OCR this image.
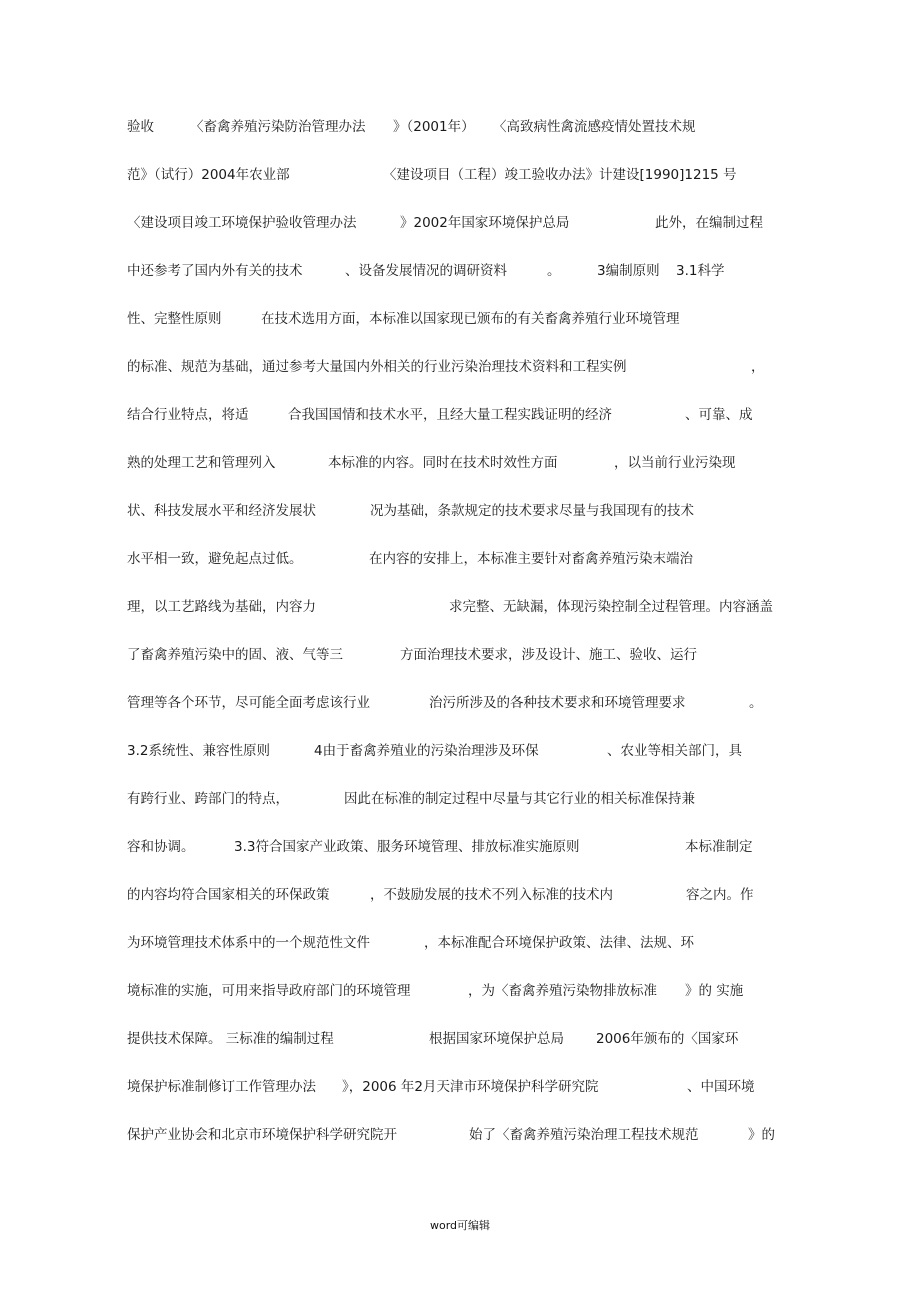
验收	〈畜禽养殖污染防治管理办法 》（2001年） 〈高致病性禽流感疫情处置技术规
范》（试行）2004年农业部	〈建设项目（工程）竣工验收办法》计建设[1990]1215 号
〈建设项目竣工环境保护验收管理办法	》2002年国家环境保护总局	此外，在编制过程
中还参考了国内外有关的技术	、设备发展情况的调研资料	。	3编制原则 3.1科学
性、完整性原则	在技术选用方面，本标准以国家现已颁布的有关畜禽养殖行业环境管理
的标准、规范为基础，通过参考大量国内外相关的行业污染治理技术资料和工程实例	，
结合行业特点，将适	合我国国情和技术水平，且经大量工程实践证明的经济	、可靠、成
熟的处理工艺和管理列入	本标准的内容。同时在技术时效性方面	，以当前行业污染现
状、科技发展水平和经济发展状	况为基础，条款规定的技术要求尽量与我国现有的技术
水平相一致，避免起点过低。	在内容的安排上，本标准主要针对畜禽养殖污染末端治
理，以工艺路线为基础，内容力	求完整、无缺漏，体现污染控制全过程管理。内容涵盖
了畜禽养殖污染中的固、液、气等三	方面治理技术要求，涉及设计、施工、验收、运行
管理等各个环节，尽可能全面考虑该行业	治污所涉及的各种技术要求和环境管理要求	。
3.2系统性、兼容性原则	4由于畜禽养殖业的污染治理涉及环保	、农业等相关部门，具
有跨行业、跨部门的特点，	因此在标准的制定过程中尽量与其它行业的相关标准保持兼
容和协调。	3.3符合国家产业政策、服务环境管理、排放标准实施原则	本标准制定
的内容均符合国家相关的环保政策	，不鼓励发展的技术不列入标准的技术内	容之内。作
为环境管理技术体系中的一个规范性文件	，本标准配合环境保护政策、法律、法规、环
境标准的实施，可用来指导政府部门的环境管理	，为〈畜禽养殖污染物排放标准 》的 实施
提供技术保障。 三标准的编制过程	根据国家环境保护总局 2006年颁布的〈国家环
境保护标准制修订工作管理办法 》，2006 年2月天津市环境保护科学研究院	、中国环境
保护产业协会和北京市环境保护科学研究院开	始了〈畜禽养殖污染治理工程技术规范	》的
word可编辑
